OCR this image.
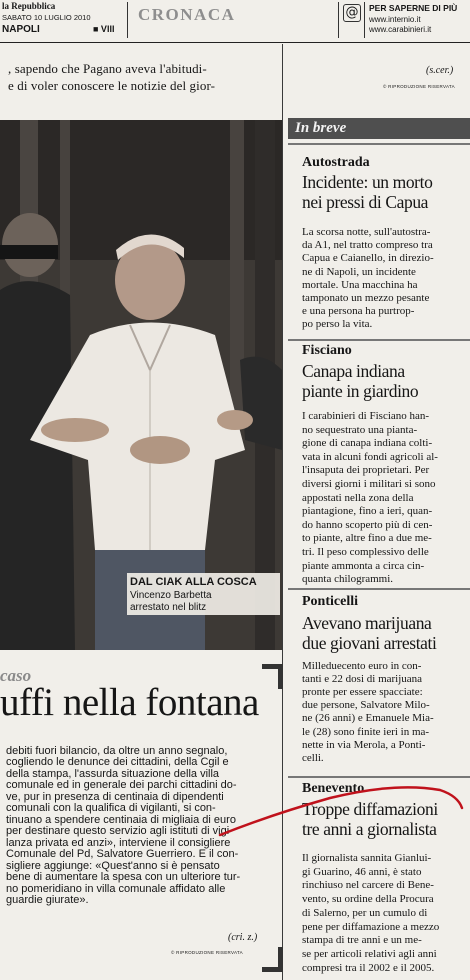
la Repubblica
SABATO 10 LUGLIO 2010
NAPOLI	■ VIII
CRONACA	@ PER SAPERNE DI PIÙ
www.internio.it
www.carabinieri.it
, sapendo che Pagano aveva l'abitudi-
e di voler conoscere le notizie del gior-
(s.cer.)
© RIPRODUZIONE RISERVATA
DAL CIAK ALLA COSCA
Vincenzo Barbetta
arrestato nel blitz
caso
uffi nella fontana
debiti fuori bilancio, da oltre un anno segnalo,
cogliendo le denunce dei cittadini, della Cgil e
della stampa, l'assurda situazione della villa
comunale ed in generale dei parchi cittadini do-
ve, pur in presenza di centinaia di dipendenti
comunali con la qualifica di vigilanti, si con-
tinuano a spendere centinaia di migliaia di euro
per destinare questo servizio agli istituti di vigi-
lanza privata ed anzi», interviene il consigliere
Comunale del Pd, Salvatore Guerriero. E il con-
sigliere aggiunge: «Quest'anno si è pensato
bene di aumentare la spesa con un ulteriore tur-
no pomeridiano in villa comunale affidato alle
guardie giurate».
(cri. z.)
© RIPRODUZIONE RISERVATA
In breve
Autostrada
Incidente: un morto
nei pressi di Capua
La scorsa notte, sull'autostra-
da A1, nel tratto compreso tra
Capua e Caianello, in direzio-
ne di Napoli, un incidente
mortale. Una macchina ha
tamponato un mezzo pesante
e una persona ha purtrop-
po perso la vita.
Fisciano
Canapa indiana
piante in giardino
I carabinieri di Fisciano han-
no sequestrato una pianta-
gione di canapa indiana colti-
vata in alcuni fondi agricoli al-
l'insaputa dei proprietari. Per
diversi giorni i militari si sono
appostati nella zona della
piantagione, fino a ieri, quan-
do hanno scoperto più di cen-
to piante, altre fino a due me-
tri. Il peso complessivo delle
piante ammonta a circa cin-
quanta chilogrammi.
Ponticelli
Avevano marijuana
due giovani arrestati
Milleduecento euro in con-
tanti e 22 dosi di marijuana
pronte per essere spacciate:
due persone, Salvatore Milo-
ne (26 anni) e Emanuele Mia-
le (28) sono finite ieri in ma-
nette in via Merola, a Ponti-
celli.
Benevento
Troppe diffamazioni
tre anni a giornalista
Il giornalista sannita Gianlui-
gi Guarino, 46 anni, è stato
rinchiuso nel carcere di Bene-
vento, su ordine della Procura
di Salerno, per un cumulo di
pene per diffamazione a mezzo
stampa di tre anni e un me-
se per articoli relativi agli anni
compresi tra il 2002 e il 2005.
